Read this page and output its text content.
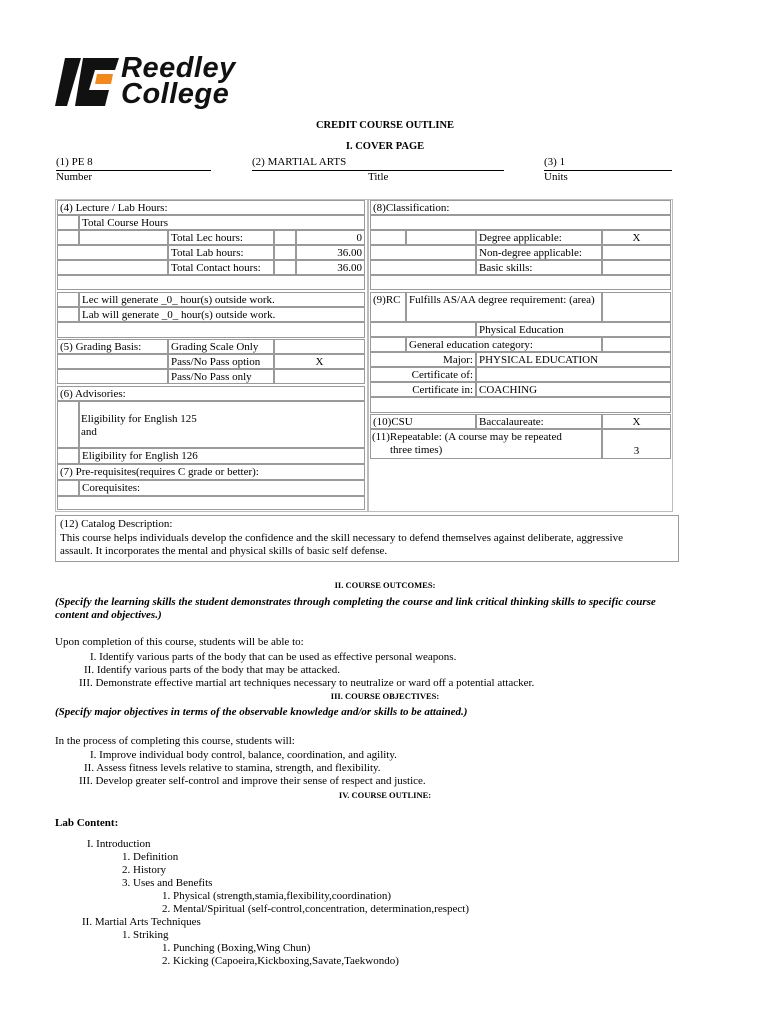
Reedley
College
CREDIT COURSE OUTLINE
I. COVER PAGE
(1) PE 8
Number
(2) MARTIAL ARTS
Title
(3) 1
Units
(4) Lecture / Lab Hours:
Total Course Hours
Total Lec hours:	0
Total Lab hours:	36.00
Total Contact hours:	36.00
Lec will generate _0_ hour(s) outside work.
Lab will generate _0_ hour(s) outside work.
(5) Grading Basis:	Grading Scale Only
Pass/No Pass option	X
Pass/No Pass only
(6) Advisories:
Eligibility for English 125
and
Eligibility for English 126
(7) Pre-requisites(requires C grade or better):
Corequisites:
(8)Classification:
Degree applicable:	X
Non-degree applicable:
Basic skills:
(9)RC Fulfills AS/AA degree requirement: (area)
Physical Education
General education category:
Major: PHYSICAL EDUCATION
Certificate of:
Certificate in: COACHING
(10)CSU	Baccalaureate:	X
(11)Repeatable: (A course may be repeated
three times)	3
(12) Catalog Description:
This course helps individuals develop the confidence and the skill necessary to defend themselves against deliberate, aggressive
assault. It incorporates the mental and physical skills of basic self defense.
II. COURSE OUTCOMES:
(Specify the learning skills the student demonstrates through completing the course and link critical thinking skills to specific course
content and objectives.)
Upon completion of this course, students will be able to:
I. Identify various parts of the body that can be used as effective personal weapons.
II. Identify various parts of the body that may be attacked.
III. Demonstrate effective martial art techniques necessary to neutralize or ward off a potential attacker.
III. COURSE OBJECTIVES:
(Specify major objectives in terms of the observable knowledge and/or skills to be attained.)
In the process of completing this course, students will:
I. Improve individual body control, balance, coordination, and agility.
II. Assess fitness levels relative to stamina, strength, and flexibility.
III. Develop greater self-control and improve their sense of respect and justice.
IV. COURSE OUTLINE:
Lab Content:
I. Introduction
1. Definition
2. History
3. Uses and Benefits
1. Physical (strength,stamia,flexibility,coordination)
2. Mental/Spiritual (self-control,concentration, determination,respect)
II. Martial Arts Techniques
1. Striking
1. Punching (Boxing,Wing Chun)
2. Kicking (Capoeira,Kickboxing,Savate,Taekwondo)
